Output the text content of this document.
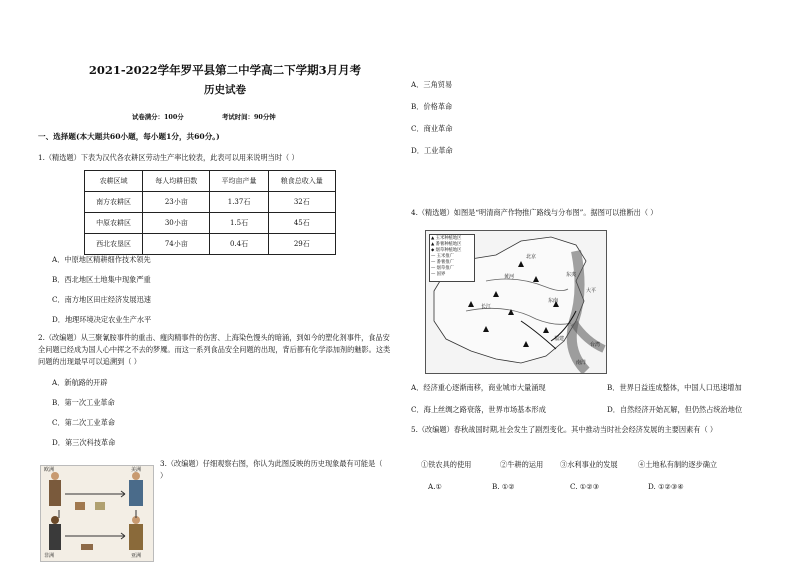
2021-2022学年罗平县第二中学高二下学期3月月考
历史试卷
试卷满分：100分	考试时间：90分钟
一、选择题(本大题共60小题，每小题1分，共60分。)
1.（精选题）下表为汉代各农耕区劳动生产率比较表，此表可以用来说明当时（ ）
农耕区域	每人均耕田数	平均亩产量	粮食总收入量
南方农耕区	23小亩	1.37石	32石
中原农耕区	30小亩	1.5石	45石
西北农垦区	74小亩	0.4石	29石
A．中原地区精耕细作技术领先
B．西北地区土地集中现象严重
C．南方地区田庄经济发展迅速
D．地理环境决定农业生产水平
2.（改编题）从三聚氰胺事件的重击、瘦肉精事件的伤害、上海染色馒头的暗涌，到如今的塑化剂事件，食品安全问题已经成为国人心中挥之不去的梦魇。而这一系列食品安全问题的出现，背后都有化学添加剂的魅影。这类问题的出现最早可以追溯到（ ）
A．新航路的开辟
B．第一次工业革命
C．第二次工业革命
D．第三次科技革命
3.（改编题）仔细观察右图，你认为此图反映的历史现象最有可能是（ ）
欧洲	美洲
非洲	亚洲
A．三角贸易
B．价格革命
C．商业革命
D．工业革命
4.（精选题）如图是“明清商产作物推广路线与分布图”。据图可以推断出（ ）
▲ 玉米种植地区
▲ 番薯种植地区
◆ 烟草种植地区
— 玉米推广
— 番薯推广
— 烟草推广
— 国界
北京
黄河
长江
东南
东夷
大平
福建
台湾
南洋
A．经济重心逐渐南移，商业城市大量涌现	B．世界日益连成整体，中国人口迅速增加
C．海上丝绸之路衰落，世界市场基本形成	D．自然经济开始瓦解，但仍然占统治地位
5.（改编题）春秋战国时期,社会发生了剧烈变化。其中推动当时社会经济发展的主要因素有（ ）
①铁农具的使用	②牛耕的运用 ③水利事业的发展	④土地私有制的逐步确立
A.①	B. ①②	C. ①②③	D. ①②③④
